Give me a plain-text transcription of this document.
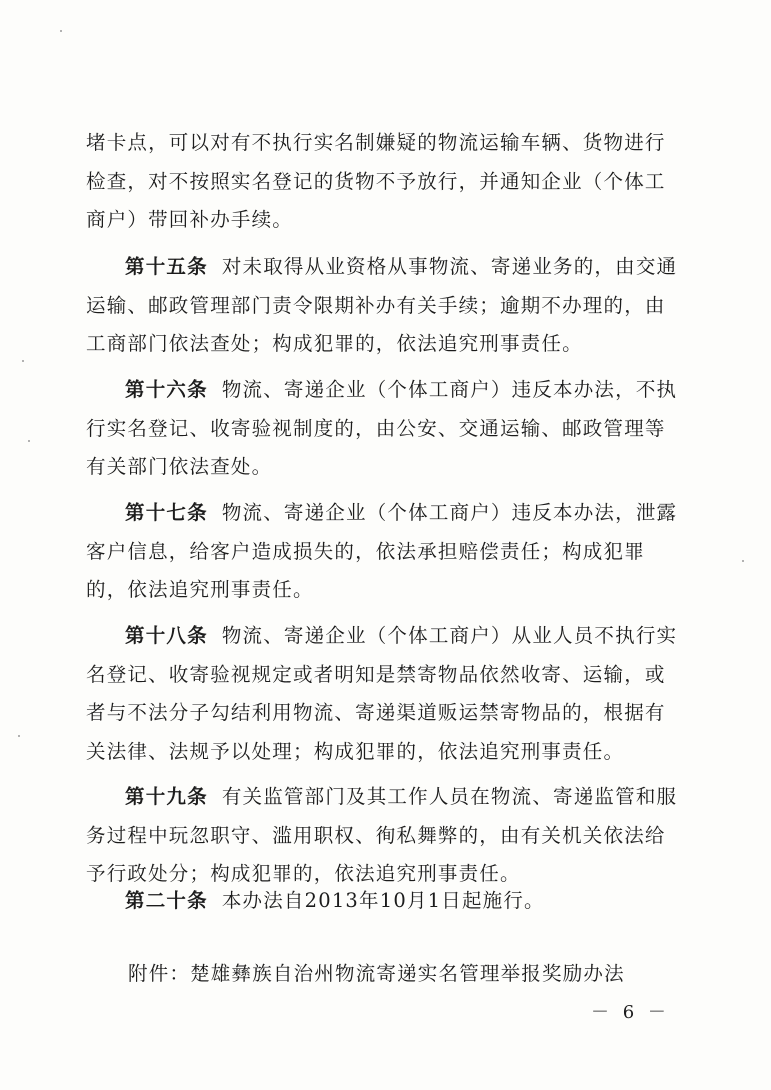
堵卡点，可以对有不执行实名制嫌疑的物流运输车辆、货物进行检查，对不按照实名登记的货物不予放行，并通知企业（个体工商户）带回补办手续。

第十五条 对未取得从业资格从事物流、寄递业务的，由交通运输、邮政管理部门责令限期补办有关手续；逾期不办理的，由工商部门依法查处；构成犯罪的，依法追究刑事责任。

第十六条 物流、寄递企业（个体工商户）违反本办法，不执行实名登记、收寄验视制度的，由公安、交通运输、邮政管理等有关部门依法查处。

第十七条 物流、寄递企业（个体工商户）违反本办法，泄露客户信息，给客户造成损失的，依法承担赔偿责任；构成犯罪的，依法追究刑事责任。

第十八条 物流、寄递企业（个体工商户）从业人员不执行实名登记、收寄验视规定或者明知是禁寄物品依然收寄、运输，或者与不法分子勾结利用物流、寄递渠道贩运禁寄物品的，根据有关法律、法规予以处理；构成犯罪的，依法追究刑事责任。

第十九条 有关监管部门及其工作人员在物流、寄递监管和服务过程中玩忽职守、滥用职权、徇私舞弊的，由有关机关依法给予行政处分；构成犯罪的，依法追究刑事责任。

第二十条 本办法自2013年10月1日起施行。

附件：楚雄彝族自治州物流寄递实名管理举报奖励办法
－ 6 －
